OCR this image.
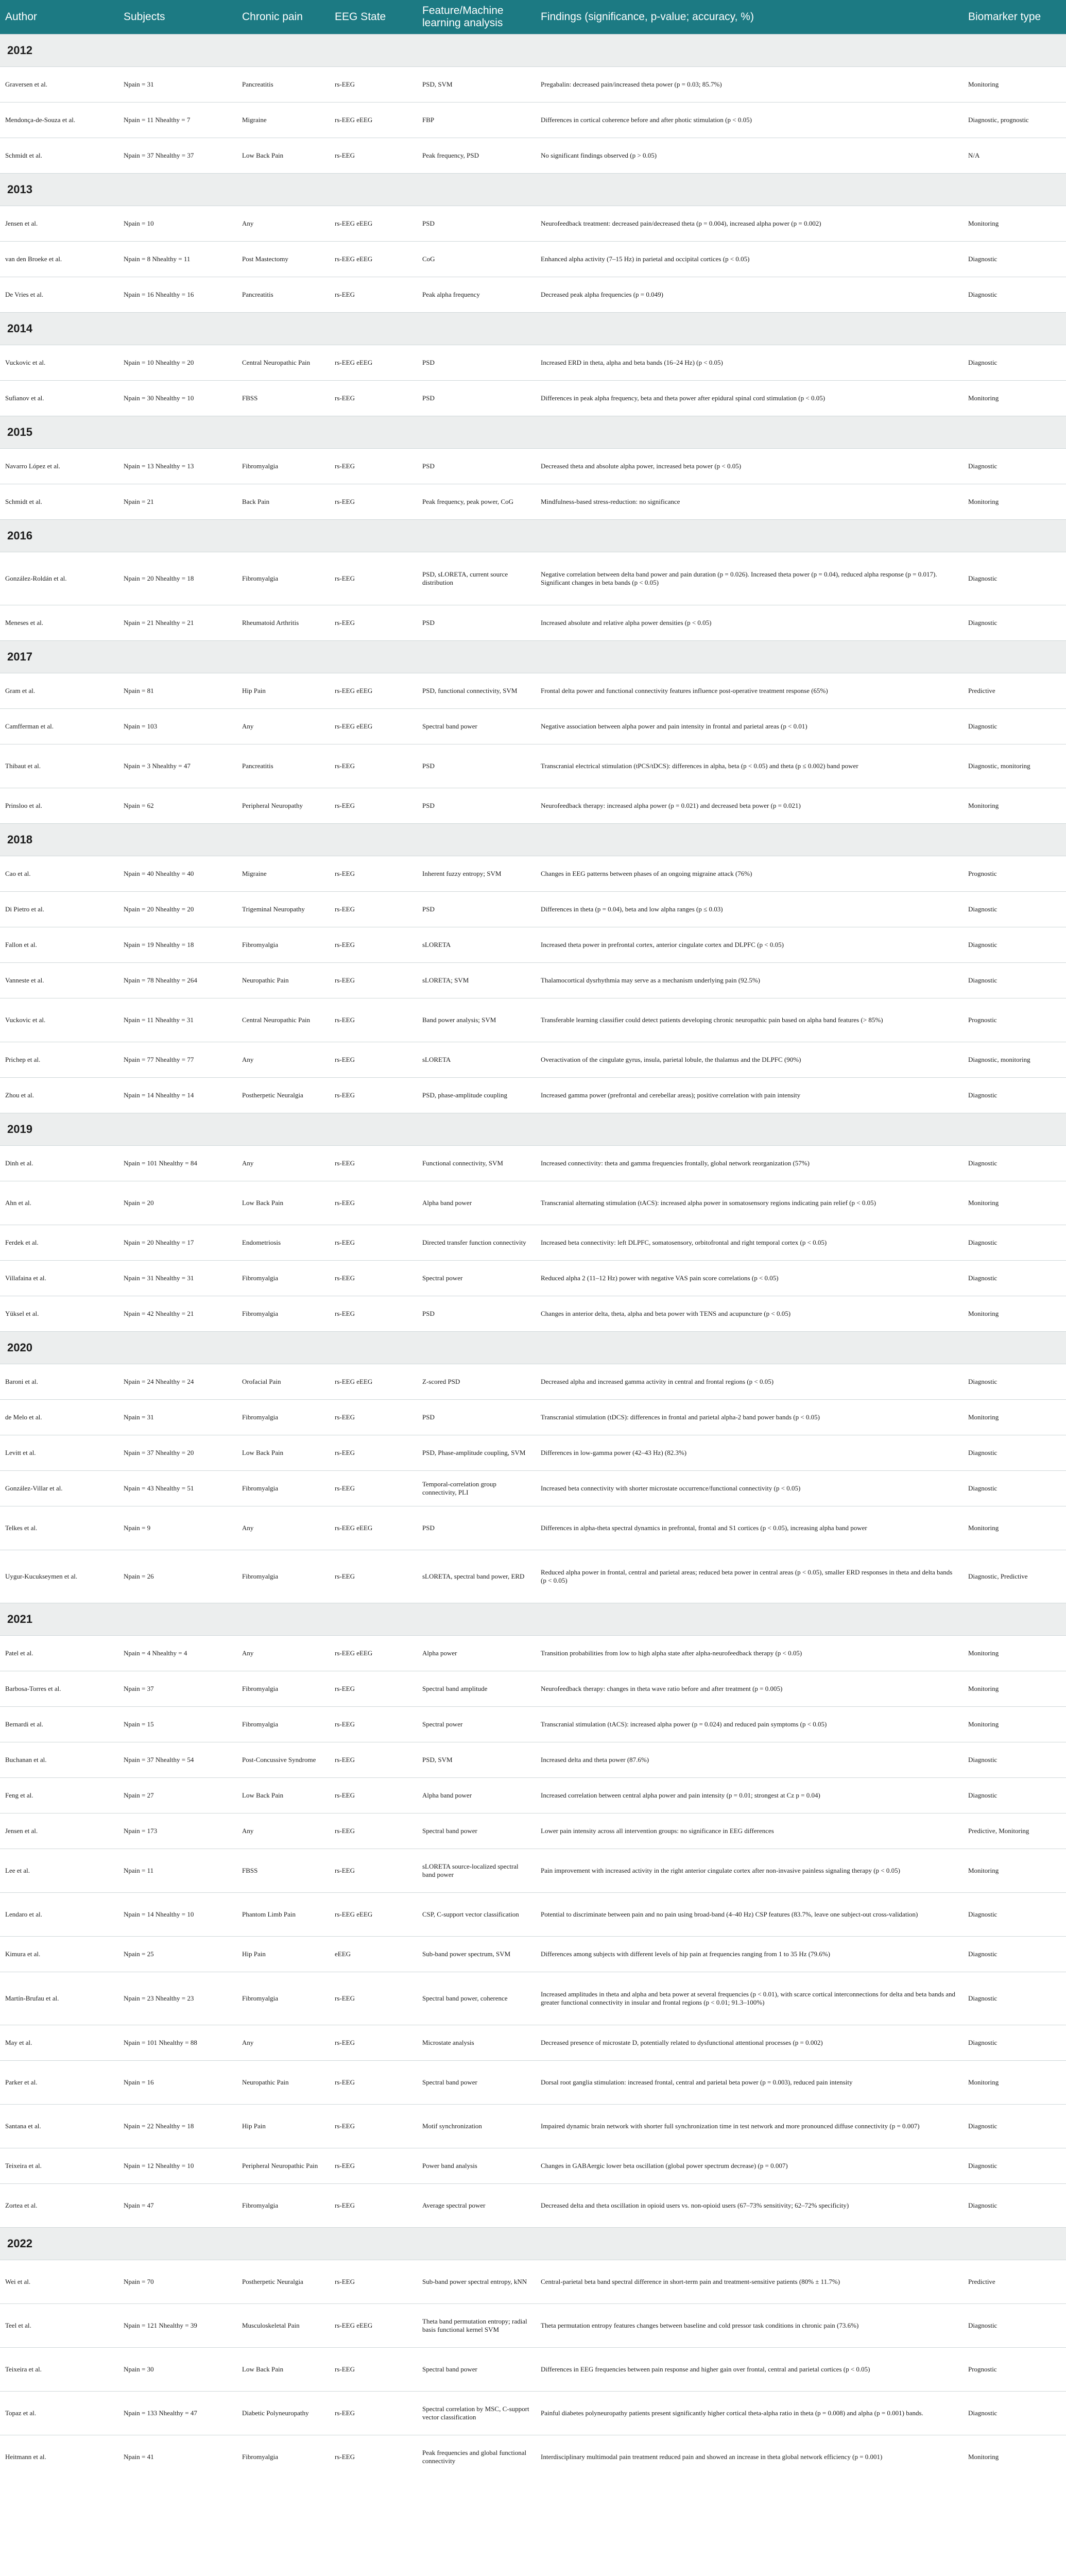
Author	Subjects	Chronic pain	EEG State	Feature/Machine learning analysis	Findings (significance, p-value; accuracy, %)	Biomarker type
2012						
Graversen et al.	Npain = 31	Pancreatitis	rs-EEG	PSD, SVM	Pregabalin: decreased pain/increased theta power (p = 0.03; 85.7%)	Monitoring
Mendonça-de-Souza et al.	Npain = 11 Nhealthy = 7	Migraine	rs-EEG eEEG	FBP	Differences in cortical coherence before and after photic stimulation (p < 0.05)	Diagnostic, prognostic
Schmidt et al.	Npain = 37 Nhealthy = 37	Low Back Pain	rs-EEG	Peak frequency, PSD	No significant findings observed (p > 0.05)	N/A
2013						
Jensen et al.	Npain = 10	Any	rs-EEG eEEG	PSD	Neurofeedback treatment: decreased pain/decreased theta (p = 0.004), increased alpha power (p = 0.002)	Monitoring
van den Broeke et al.	Npain = 8 Nhealthy = 11	Post Mastectomy	rs-EEG eEEG	CoG	Enhanced alpha activity (7–15 Hz) in parietal and occipital cortices (p < 0.05)	Diagnostic
De Vries et al.	Npain = 16 Nhealthy = 16	Pancreatitis	rs-EEG	Peak alpha frequency	Decreased peak alpha frequencies (p = 0.049)	Diagnostic
2014						
Vuckovic et al.	Npain = 10 Nhealthy = 20	Central Neuropathic Pain	rs-EEG eEEG	PSD	Increased ERD in theta, alpha and beta bands (16–24 Hz) (p < 0.05)	Diagnostic
Sufianov et al.	Npain = 30 Nhealthy = 10	FBSS	rs-EEG	PSD	Differences in peak alpha frequency, beta and theta power after epidural spinal cord stimulation (p < 0.05)	Monitoring
2015						
Navarro López et al.	Npain = 13 Nhealthy = 13	Fibromyalgia	rs-EEG	PSD	Decreased theta and absolute alpha power, increased beta power (p < 0.05)	Diagnostic
Schmidt et al.	Npain = 21	Back Pain	rs-EEG	Peak frequency, peak power, CoG	Mindfulness-based stress-reduction: no significance	Monitoring
2016						
González-Roldán et al.	Npain = 20 Nhealthy = 18	Fibromyalgia	rs-EEG	PSD, sLORETA, current source distribution	Negative correlation between delta band power and pain duration (p = 0.026). Increased theta power (p = 0.04), reduced alpha response (p = 0.017). Significant changes in beta bands (p < 0.05)	Diagnostic
Meneses et al.	Npain = 21 Nhealthy = 21	Rheumatoid Arthritis	rs-EEG	PSD	Increased absolute and relative alpha power densities (p < 0.05)	Diagnostic
2017						
Gram et al.	Npain = 81	Hip Pain	rs-EEG eEEG	PSD, functional connectivity, SVM	Frontal delta power and functional connectivity features influence post-operative treatment response (65%)	Predictive
Camfferman et al.	Npain = 103	Any	rs-EEG eEEG	Spectral band power	Negative association between alpha power and pain intensity in frontal and parietal areas (p < 0.01)	Diagnostic
Thibaut et al.	Npain = 3 Nhealthy = 47	Pancreatitis	rs-EEG	PSD	Transcranial electrical stimulation (tPCS/tDCS): differences in alpha, beta (p < 0.05) and theta (p ≤ 0.002) band power	Diagnostic, monitoring
Prinsloo et al.	Npain = 62	Peripheral Neuropathy	rs-EEG	PSD	Neurofeedback therapy: increased alpha power (p = 0.021) and decreased beta power (p = 0.021)	Monitoring
2018						
Cao et al.	Npain = 40 Nhealthy = 40	Migraine	rs-EEG	Inherent fuzzy entropy; SVM	Changes in EEG patterns between phases of an ongoing migraine attack (76%)	Prognostic
Di Pietro et al.	Npain = 20 Nhealthy = 20	Trigeminal Neuropathy	rs-EEG	PSD	Differences in theta (p = 0.04), beta and low alpha ranges (p ≤ 0.03)	Diagnostic
Fallon et al.	Npain = 19 Nhealthy = 18	Fibromyalgia	rs-EEG	sLORETA	Increased theta power in prefrontal cortex, anterior cingulate cortex and DLPFC (p < 0.05)	Diagnostic
Vanneste et al.	Npain = 78 Nhealthy = 264	Neuropathic Pain	rs-EEG	sLORETA; SVM	Thalamocortical dysrhythmia may serve as a mechanism underlying pain (92.5%)	Diagnostic
Vuckovic et al.	Npain = 11 Nhealthy = 31	Central Neuropathic Pain	rs-EEG	Band power analysis; SVM	Transferable learning classifier could detect patients developing chronic neuropathic pain based on alpha band features (> 85%)	Prognostic
Prichep et al.	Npain = 77 Nhealthy = 77	Any	rs-EEG	sLORETA	Overactivation of the cingulate gyrus, insula, parietal lobule, the thalamus and the DLPFC (90%)	Diagnostic, monitoring
Zhou et al.	Npain = 14 Nhealthy = 14	Postherpetic Neuralgia	rs-EEG	PSD, phase-amplitude coupling	Increased gamma power (prefrontal and cerebellar areas); positive correlation with pain intensity	Diagnostic
2019						
Dinh et al.	Npain = 101 Nhealthy = 84	Any	rs-EEG	Functional connectivity, SVM	Increased connectivity: theta and gamma frequencies frontally, global network reorganization (57%)	Diagnostic
Ahn et al.	Npain = 20	Low Back Pain	rs-EEG	Alpha band power	Transcranial alternating stimulation (tACS): increased alpha power in somatosensory regions indicating pain relief (p < 0.05)	Monitoring
Ferdek et al.	Npain = 20 Nhealthy = 17	Endometriosis	rs-EEG	Directed transfer function connectivity	Increased beta connectivity: left DLPFC, somatosensory, orbitofrontal and right temporal cortex (p < 0.05)	Diagnostic
Villafaina et al.	Npain = 31 Nhealthy = 31	Fibromyalgia	rs-EEG	Spectral power	Reduced alpha 2 (11–12 Hz) power with negative VAS pain score correlations (p < 0.05)	Diagnostic
Yüksel et al.	Npain = 42 Nhealthy = 21	Fibromyalgia	rs-EEG	PSD	Changes in anterior delta, theta, alpha and beta power with TENS and acupuncture (p < 0.05)	Monitoring
2020						
Baroni et al.	Npain = 24 Nhealthy = 24	Orofacial Pain	rs-EEG eEEG	Z-scored PSD	Decreased alpha and increased gamma activity in central and frontal regions (p < 0.05)	Diagnostic
de Melo et al.	Npain = 31	Fibromyalgia	rs-EEG	PSD	Transcranial stimulation (tDCS): differences in frontal and parietal alpha-2 band power bands (p < 0.05)	Monitoring
Levitt et al.	Npain = 37 Nhealthy = 20	Low Back Pain	rs-EEG	PSD, Phase-amplitude coupling, SVM	Differences in low-gamma power (42–43 Hz) (82.3%)	Diagnostic
González-Villar et al.	Npain = 43 Nhealthy = 51	Fibromyalgia	rs-EEG	Temporal-correlation group connectivity, PLI	Increased beta connectivity with shorter microstate occurrence/functional connectivity (p < 0.05)	Diagnostic
Telkes et al.	Npain = 9	Any	rs-EEG eEEG	PSD	Differences in alpha-theta spectral dynamics in prefrontal, frontal and S1 cortices (p < 0.05), increasing alpha band power	Monitoring
Uygur-Kucukseymen et al.	Npain = 26	Fibromyalgia	rs-EEG	sLORETA, spectral band power, ERD	Reduced alpha power in frontal, central and parietal areas; reduced beta power in central areas (p < 0.05), smaller ERD responses in theta and delta bands (p < 0.05)	Diagnostic, Predictive
2021						
Patel et al.	Npain = 4 Nhealthy = 4	Any	rs-EEG eEEG	Alpha power	Transition probabilities from low to high alpha state after alpha-neurofeedback therapy (p < 0.05)	Monitoring
Barbosa-Torres et al.	Npain = 37	Fibromyalgia	rs-EEG	Spectral band amplitude	Neurofeedback therapy: changes in theta wave ratio before and after treatment (p = 0.005)	Monitoring
Bernardi et al.	Npain = 15	Fibromyalgia	rs-EEG	Spectral power	Transcranial stimulation (tACS): increased alpha power (p = 0.024) and reduced pain symptoms (p < 0.05)	Monitoring
Buchanan et al.	Npain = 37 Nhealthy = 54	Post-Concussive Syndrome	rs-EEG	PSD, SVM	Increased delta and theta power (87.6%)	Diagnostic
Feng et al.	Npain = 27	Low Back Pain	rs-EEG	Alpha band power	Increased correlation between central alpha power and pain intensity (p = 0.01; strongest at Cz p = 0.04)	Diagnostic
Jensen et al.	Npain = 173	Any	rs-EEG	Spectral band power	Lower pain intensity across all intervention groups: no significance in EEG differences	Predictive, Monitoring
Lee et al.	Npain = 11	FBSS	rs-EEG	sLORETA source-localized spectral band power	Pain improvement with increased activity in the right anterior cingulate cortex after non-invasive painless signaling therapy (p < 0.05)	Monitoring
Lendaro et al.	Npain = 14 Nhealthy = 10	Phantom Limb Pain	rs-EEG eEEG	CSP, C-support vector classification	Potential to discriminate between pain and no pain using broad-band (4–40 Hz) CSP features (83.7%, leave one subject-out cross-validation)	Diagnostic
Kimura et al.	Npain = 25	Hip Pain	eEEG	Sub-band power spectrum, SVM	Differences among subjects with different levels of hip pain at frequencies ranging from 1 to 35 Hz (79.6%)	Diagnostic
Martín-Brufau et al.	Npain = 23 Nhealthy = 23	Fibromyalgia	rs-EEG	Spectral band power, coherence	Increased amplitudes in theta and alpha and beta power at several frequencies (p < 0.01), with scarce cortical interconnections for delta and beta bands and greater functional connectivity in insular and frontal regions (p < 0.01; 91.3–100%)	Diagnostic
May et al.	Npain = 101 Nhealthy = 88	Any	rs-EEG	Microstate analysis	Decreased presence of microstate D, potentially related to dysfunctional attentional processes (p = 0.002)	Diagnostic
Parker et al.	Npain = 16	Neuropathic Pain	rs-EEG	Spectral band power	Dorsal root ganglia stimulation: increased frontal, central and parietal beta power (p = 0.003), reduced pain intensity	Monitoring
Santana et al.	Npain = 22 Nhealthy = 18	Hip Pain	rs-EEG	Motif synchronization	Impaired dynamic brain network with shorter full synchronization time in test network and more pronounced diffuse connectivity (p = 0.007)	Diagnostic
Teixeira et al.	Npain = 12 Nhealthy = 10	Peripheral Neuropathic Pain	rs-EEG	Power band analysis	Changes in GABAergic lower beta oscillation (global power spectrum decrease) (p = 0.007)	Diagnostic
Zortea et al.	Npain = 47	Fibromyalgia	rs-EEG	Average spectral power	Decreased delta and theta oscillation in opioid users vs. non-opioid users (67–73% sensitivity; 62–72% specificity)	Diagnostic
2022						
Wei et al.	Npain = 70	Postherpetic Neuralgia	rs-EEG	Sub-band power spectral entropy, kNN	Central-parietal beta band spectral difference in short-term pain and treatment-sensitive patients (80% ± 11.7%)	Predictive
Teel et al.	Npain = 121 Nhealthy = 39	Musculoskeletal Pain	rs-EEG eEEG	Theta band permutation entropy; radial basis functional kernel SVM	Theta permutation entropy features changes between baseline and cold pressor task conditions in chronic pain (73.6%)	Diagnostic
Teixeira et al.	Npain = 30	Low Back Pain	rs-EEG	Spectral band power	Differences in EEG frequencies between pain response and higher gain over frontal, central and parietal cortices (p < 0.05)	Prognostic
Topaz et al.	Npain = 133 Nhealthy = 47	Diabetic Polyneuropathy	rs-EEG	Spectral correlation by MSC, C-support vector classification	Painful diabetes polyneuropathy patients present significantly higher cortical theta-alpha ratio in theta (p = 0.008) and alpha (p = 0.001) bands.	Diagnostic
Heitmann et al.	Npain = 41	Fibromyalgia	rs-EEG	Peak frequencies and global functional connectivity	Interdisciplinary multimodal pain treatment reduced pain and showed an increase in theta global network efficiency (p = 0.001)	Monitoring
